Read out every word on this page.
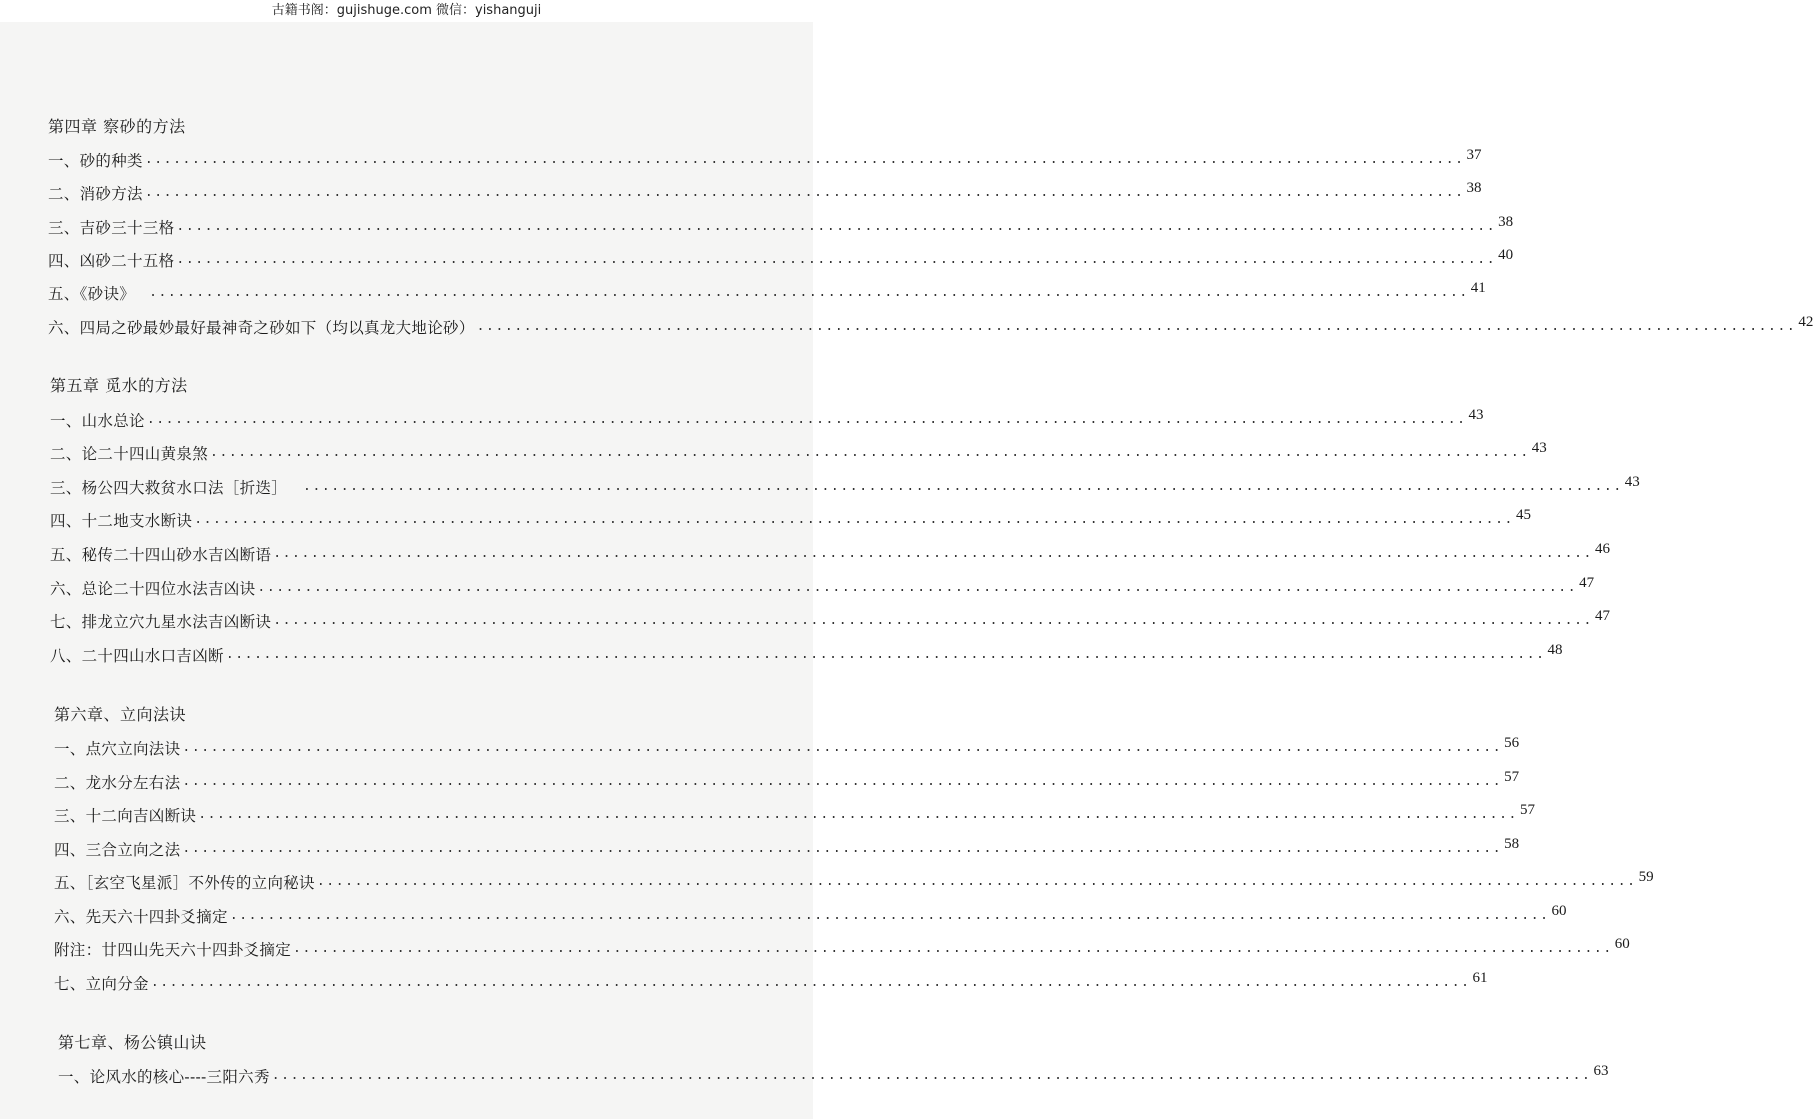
古籍书阁：gujishuge.com 微信：yishanguji
第四章 察砂的方法
一、砂的种类 ............................................................................................................................................ 37
二、消砂方法 ............................................................................................................................................ 38
三、吉砂三十三格 ............................................................................................................................................ 38
四、凶砂二十五格 ............................................................................................................................................ 40
五、《砂诀》 ............................................................................................................................................ 41
六、四局之砂最妙最好最神奇之砂如下（均以真龙大地论砂） ............................................................................................................................................ 42
第五章 觅水的方法
一、山水总论 ............................................................................................................................................ 43
二、论二十四山黄泉煞 ............................................................................................................................................ 43
三、杨公四大救贫水口法［折迭］ ............................................................................................................................................ 43
四、十二地支水断诀 ............................................................................................................................................ 45
五、秘传二十四山砂水吉凶断语 ............................................................................................................................................ 46
六、总论二十四位水法吉凶诀 ............................................................................................................................................ 47
七、排龙立穴九星水法吉凶断诀 ............................................................................................................................................ 47
八、二十四山水口吉凶断 ............................................................................................................................................ 48
第六章、立向法诀
一、点穴立向法诀 ............................................................................................................................................ 56
二、龙水分左右法 ............................................................................................................................................ 57
三、十二向吉凶断诀 ............................................................................................................................................ 57
四、三合立向之法 ............................................................................................................................................ 58
五、［玄空飞星派］不外传的立向秘诀 ............................................................................................................................................ 59
六、先天六十四卦爻摘定 ............................................................................................................................................ 60
附注：廿四山先天六十四卦爻摘定 ............................................................................................................................................ 60
七、立向分金 ............................................................................................................................................ 61
第七章、杨公镇山诀
一、论风水的核心----三阳六秀 ............................................................................................................................................ 63
